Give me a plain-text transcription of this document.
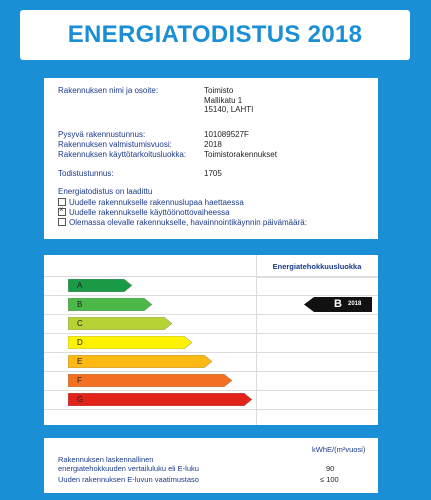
ENERGIATODISTUS 2018
Rakennuksen nimi ja osoite:	Toimisto
Mallikatu 1
15140, LAHTI
Pysyvä rakennustunnus:	101089527F
Rakennuksen valmistumisvuosi:	2018
Rakennuksen käyttötarkoitusluokka: Toimistorakennukset
Todistustunnus:	1705
Energiatodistus on laadittu
Uudelle rakennukselle rakennuslupaa haettaessa
×Uudelle rakennukselle käyttöönottovaiheessa
Olemassa olevalle rakennukselle, havainnointikäynnin päivämäärä:
Energiatehokkuusluokka
A
B
C
D
E
F
G
B 2018
kWhE/(m²vuosi)
Rakennuksen laskennallinen
energiatehokkuuden vertailuluku eli E-luku	90
Uuden rakennuksen E-luvun vaatimustaso	≤ 100
